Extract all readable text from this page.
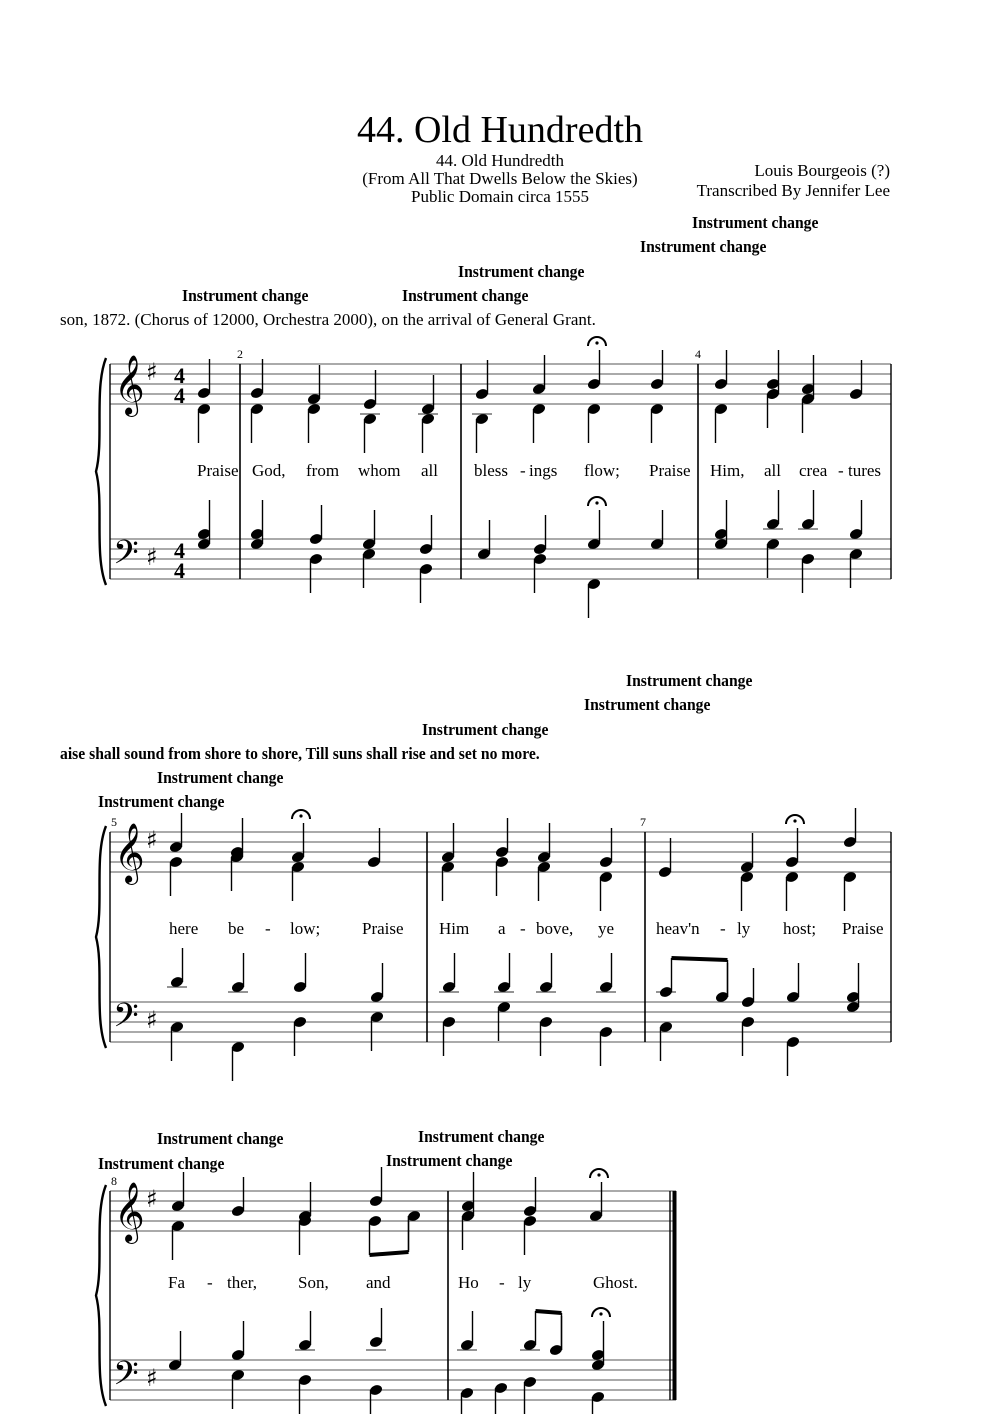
44. Old Hundredth
44. Old Hundredth
(From All That Dwells Below the Skies)
Public Domain circa 1555
Louis Bourgeois (?)
Transcribed By Jennifer Lee
Instrument change
Instrument change
Instrument change
Instrument change	Instrument change
Instrument change
Instrument change
Instrument change
Instrument change
Instrument change
Instrument change
Instrument change
Instrument change
Instrument change
son, 1872. (Chorus of 12000, Orchestra 2000), on the arrival of General Grant.
aise shall sound from shore to shore, Till suns shall rise and set no more.
𝄞
𝄢
♯
♯
4
4
4
4
2	4
Praise God, from whom all bless - ings flow; Praise Him, all crea - tures
𝄞
𝄢
♯
♯
5	7
here be - low; Praise Him a - bove, ye heav'n - ly host; Praise
𝄞
𝄢
♯
♯
8
Fa - ther, Son, and	Ho - ly	Ghost.
